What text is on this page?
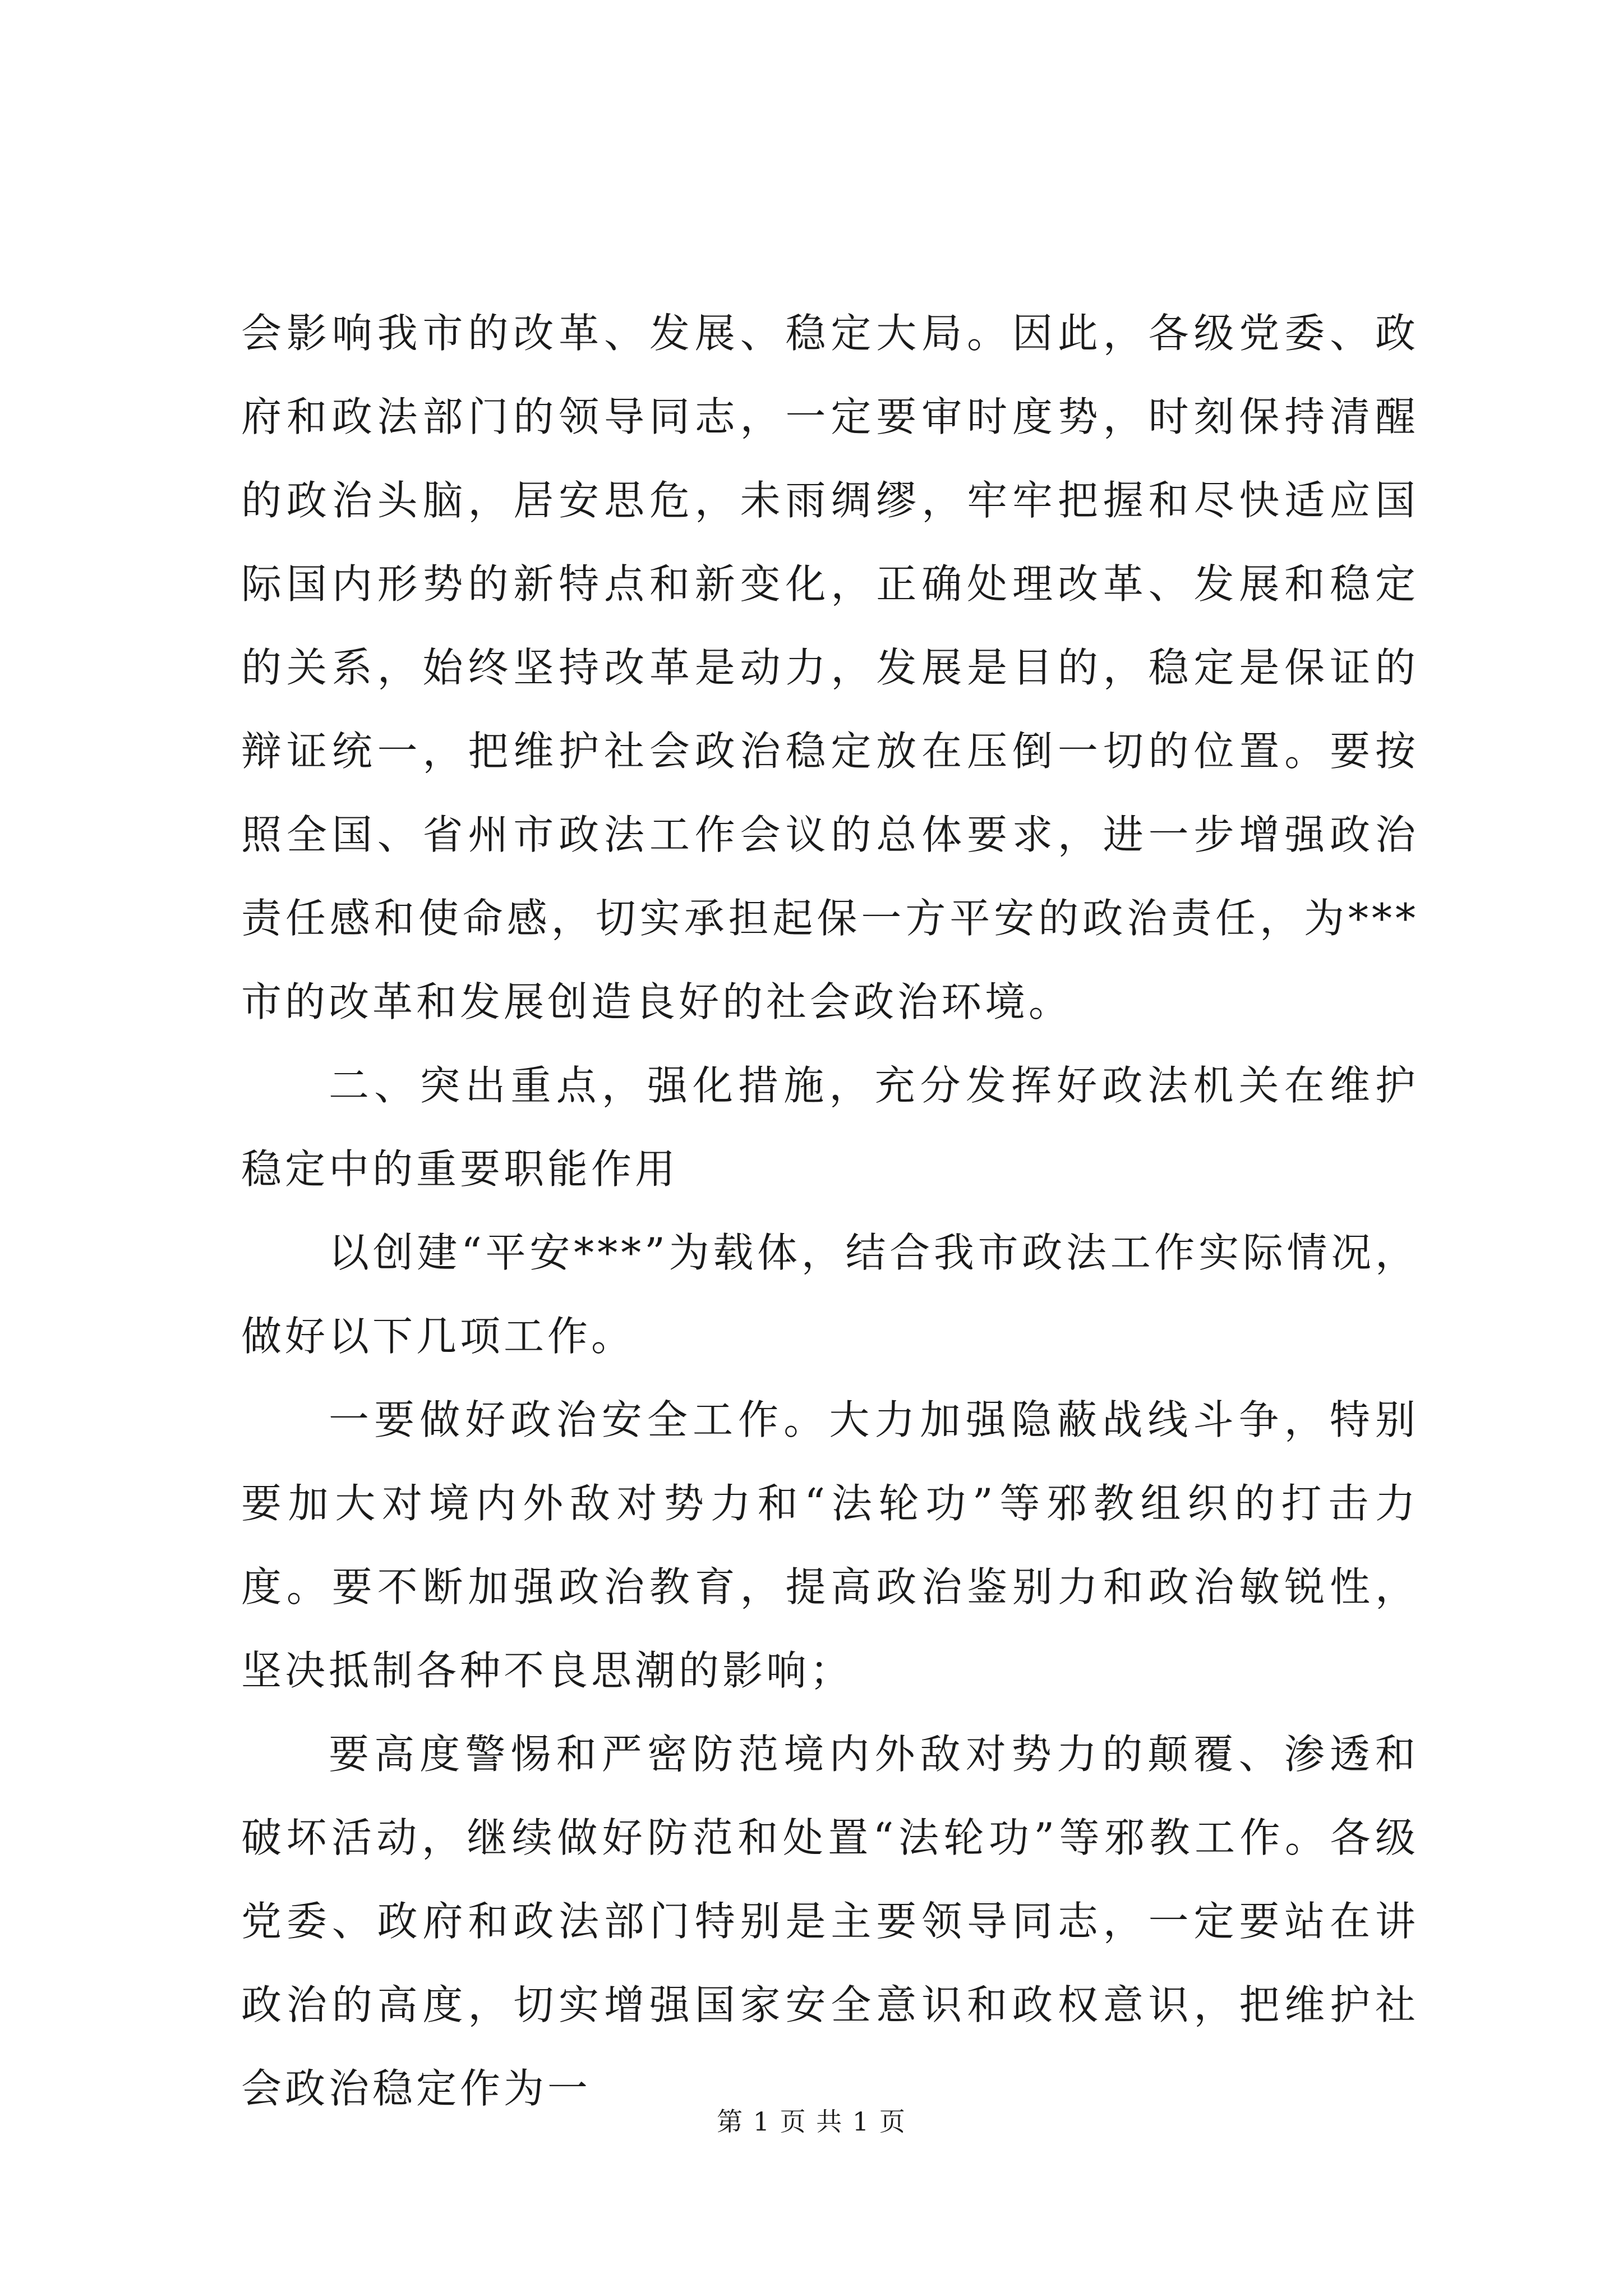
会影响我市的改革、发展、稳定大局。因此，各级党委、政府和政法部门的领导同志，一定要审时度势，时刻保持清醒的政治头脑，居安思危，未雨绸缪，牢牢把握和尽快适应国际国内形势的新特点和新变化，正确处理改革、发展和稳定的关系，始终坚持改革是动力，发展是目的，稳定是保证的辩证统一，把维护社会政治稳定放在压倒一切的位置。要按照全国、省州市政法工作会议的总体要求，进一步增强政治责任感和使命感，切实承担起保一方平安的政治责任，为***市的改革和发展创造良好的社会政治环境。

二、突出重点，强化措施，充分发挥好政法机关在维护稳定中的重要职能作用

以创建“平安***”为载体，结合我市政法工作实际情况，做好以下几项工作。

一要做好政治安全工作。大力加强隐蔽战线斗争，特别要加大对境内外敌对势力和“法轮功”等邪教组织的打击力度。要不断加强政治教育，提高政治鉴别力和政治敏锐性，坚决抵制各种不良思潮的影响；

要高度警惕和严密防范境内外敌对势力的颠覆、渗透和破坏活动，继续做好防范和处置“法轮功”等邪教工作。各级党委、政府和政法部门特别是主要领导同志，一定要站在讲政治的高度，切实增强国家安全意识和政权意识，把维护社会政治稳定作为一

第 1 页 共 1 页
